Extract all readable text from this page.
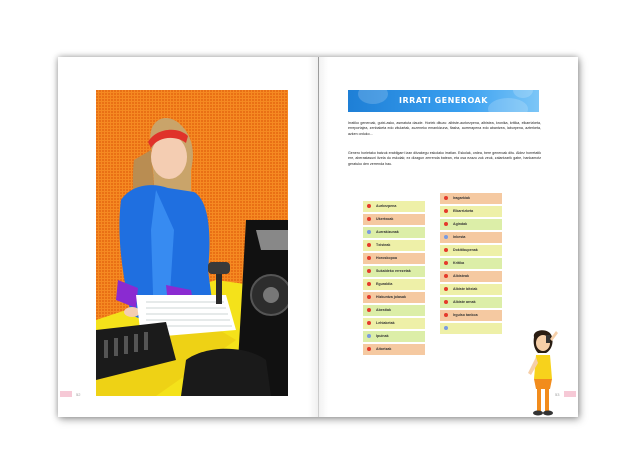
52
IRRATI GENEROAK
Irratiko generoak, gutxi-asko, asmatuta daude. Horiek dituzu: albiste-aurkezpena, albistea, kronika, kritika, elkarrizketa, erreportajea, zenbaketa edo zitulartak, zuzeneko emankizuna, flasha, aurrerapena edo abantzea, laburpena, azterketa, azken orduko...
Genero horietako batzuk erabilgarri izan ditzakegu eskolako irratian. Eskolak, ordea, bere generoak ditu. Aldez horretatik ere, aberastasuni itzela du eskolak; ez dizagun zerrenda batean, eta osa ezazu zuk zeuk, zalantzarik gabe, hankamotz geratuko den zerrenda hau.
Aurkezpena
Ukertxoak
Aurrakizunak
Txisteak
Horoskopoa
Sukaldeko errezetak
Eguraldia
Hizkuntza jolasak
Abestiak
Lehiaketak
Ipuinak
Aitortzak
Iragarkiak
Elkarrizketa
Agindak
Inkesta
Dokitibupenak
Kritika
Albisteak
Albiste bitxiak
Albiste arnak
Irgulso tankoa
53
